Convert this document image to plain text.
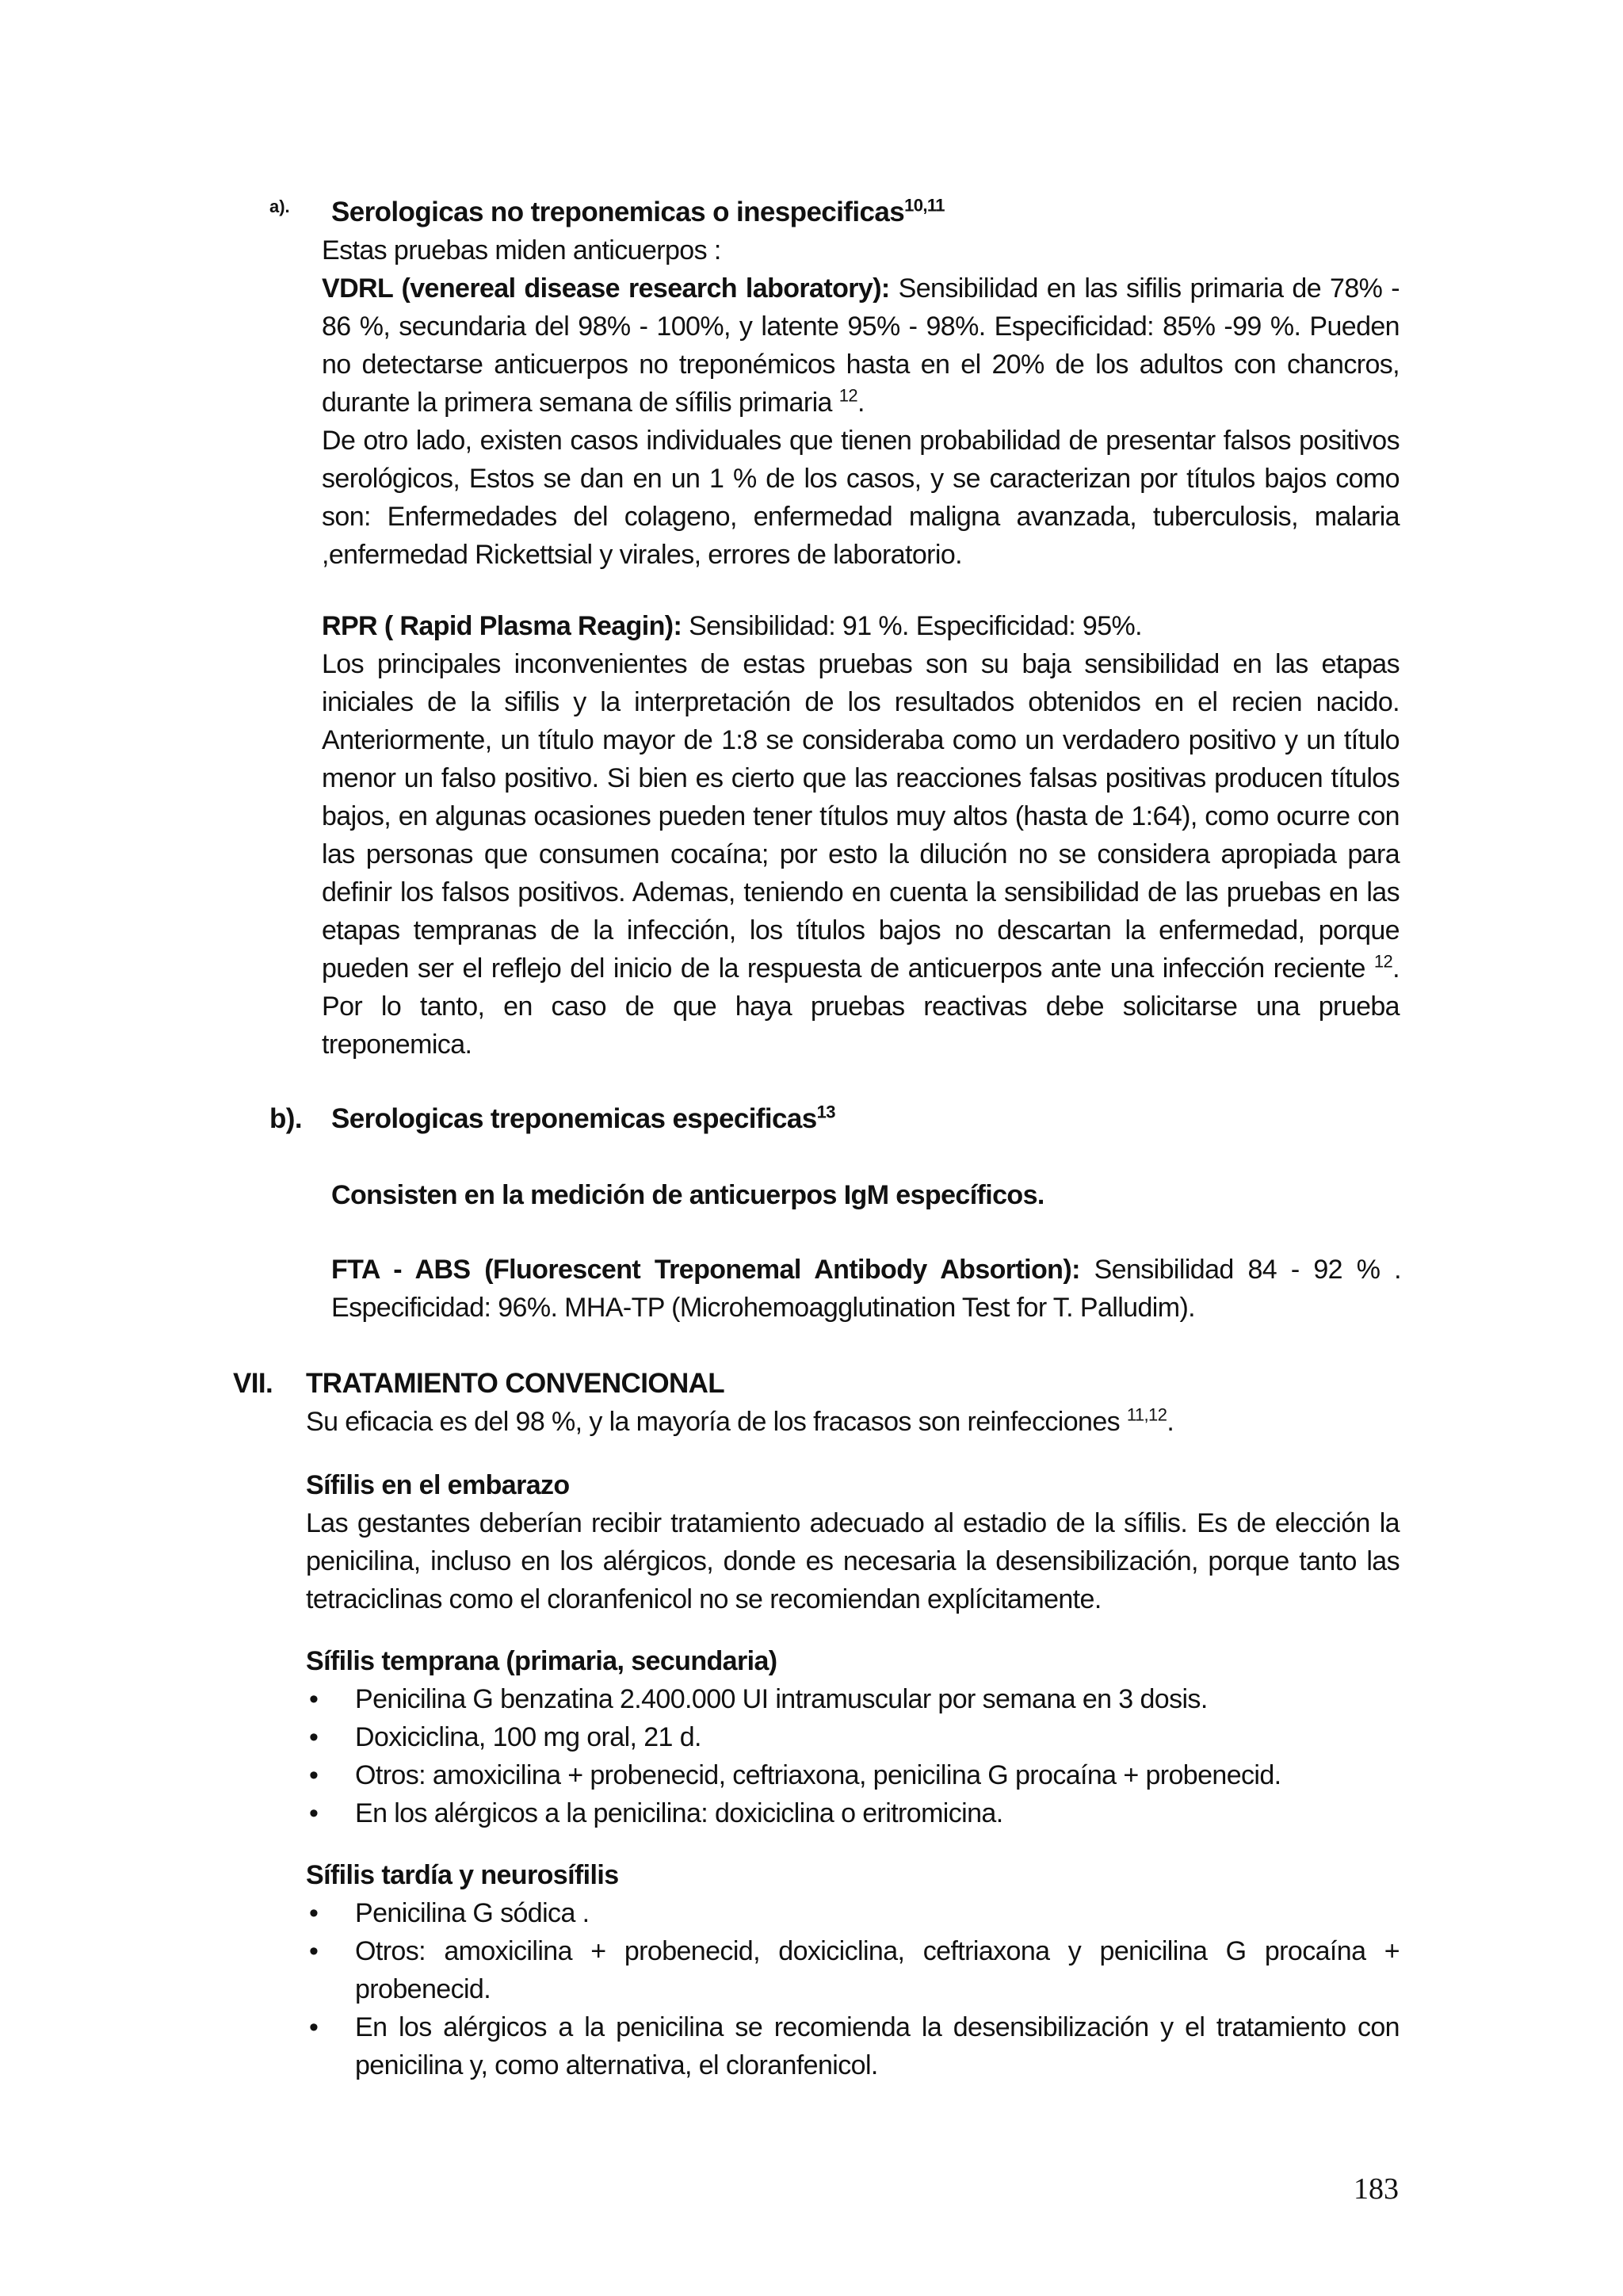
a). Serologicas no treponemicas o inespecificas$^{10,11}$

Estas pruebas miden anticuerpos :

VDRL (venereal disease research laboratory): Sensibilidad en las sifilis primaria de 78% - 86 %, secundaria del 98% - 100%, y latente 95% - 98%. Especificidad: 85% -99 %. Pueden no detectarse anticuerpos no treponémicos hasta en el 20% de los adultos con chancros, durante la primera semana de sífilis primaria $^{12}$.

De otro lado, existen casos individuales que tienen probabilidad de presentar falsos positivos serológicos, Estos se dan en un 1 % de los casos, y se caracterizan por títulos bajos como son: Enfermedades del colageno, enfermedad maligna avanzada, tuberculosis, malaria ,enfermedad Rickettsial y virales, errores de laboratorio.

RPR ( Rapid Plasma Reagin): Sensibilidad: 91 %. Especificidad: 95%.

Los principales inconvenientes de estas pruebas son su baja sensibilidad en las etapas iniciales de la sifilis y la interpretación de los resultados obtenidos en el recien nacido. Anteriormente, un título mayor de 1:8 se consideraba como un verdadero positivo y un título menor un falso positivo. Si bien es cierto que las reacciones falsas positivas producen títulos bajos, en algunas ocasiones pueden tener títulos muy altos (hasta de 1:64), como ocurre con las personas que consumen cocaína; por esto la dilución no se considera apropiada para definir los falsos positivos. Ademas, teniendo en cuenta la sensibilidad de las pruebas en las etapas tempranas de la infección, los títulos bajos no descartan la enfermedad, porque pueden ser el reflejo del inicio de la respuesta de anticuerpos ante una infección reciente $^{12}$. Por lo tanto, en caso de que haya pruebas reactivas debe solicitarse una prueba treponemica.

b). Serologicas treponemicas especificas$^{13}$

Consisten en la medición de anticuerpos IgM específicos.

FTA - ABS (Fluorescent Treponemal Antibody Absortion): Sensibilidad 84 - 92 % . Especificidad: 96%. MHA-TP (Microhemoagglutination Test for T. Palludim).

VII. TRATAMIENTO CONVENCIONAL

Su eficacia es del 98 %, y la mayoría de los fracasos son reinfecciones $^{11,12}$.

Sífilis en el embarazo

Las gestantes deberían recibir tratamiento adecuado al estadio de la sífilis. Es de elección la penicilina, incluso en los alérgicos, donde es necesaria la desensibilización, porque tanto las tetraciclinas como el cloranfenicol no se recomiendan explícitamente.

Sífilis temprana (primaria, secundaria)

• Penicilina G benzatina 2.400.000 UI intramuscular por semana en 3 dosis.
• Doxiciclina, 100 mg oral, 21 d.
• Otros: amoxicilina + probenecid, ceftriaxona, penicilina G procaína + probenecid.
• En los alérgicos a la penicilina: doxiciclina o eritromicina.

Sífilis tardía y neurosífilis

• Penicilina G sódica .
• Otros: amoxicilina + probenecid, doxiciclina, ceftriaxona y penicilina G procaína + probenecid.
• En los alérgicos a la penicilina se recomienda la desensibilización y el tratamiento con penicilina y, como alternativa, el cloranfenicol.
183
